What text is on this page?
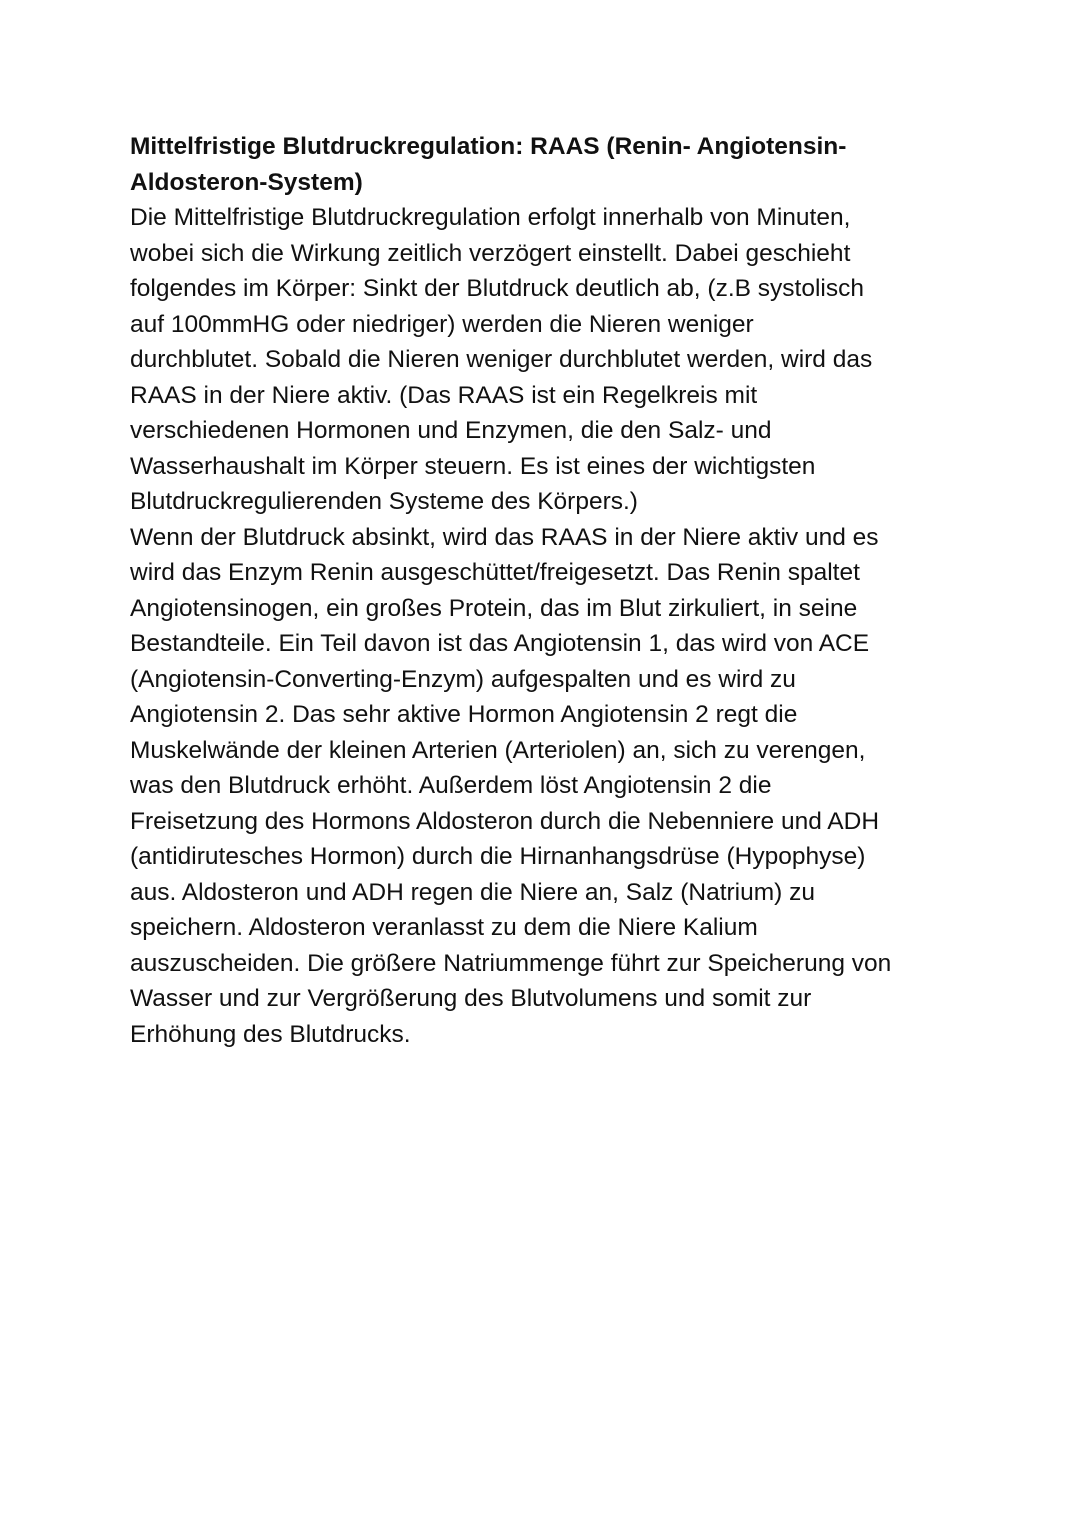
Mittelfristige Blutdruckregulation: RAAS (Renin- Angiotensin-
Aldosteron-System)
Die Mittelfristige Blutdruckregulation erfolgt innerhalb von Minuten,
wobei sich die Wirkung zeitlich verzögert einstellt. Dabei geschieht
folgendes im Körper: Sinkt der Blutdruck deutlich ab, (z.B systolisch
auf 100mmHG oder niedriger) werden die Nieren weniger
durchblutet. Sobald die Nieren weniger durchblutet werden, wird das
RAAS in der Niere aktiv. (Das RAAS ist ein Regelkreis mit
verschiedenen Hormonen und Enzymen, die den Salz- und
Wasserhaushalt im Körper steuern. Es ist eines der wichtigsten
Blutdruckregulierenden Systeme des Körpers.)
Wenn der Blutdruck absinkt, wird das RAAS in der Niere aktiv und es
wird das Enzym Renin ausgeschüttet/freigesetzt. Das Renin spaltet
Angiotensinogen, ein großes Protein, das im Blut zirkuliert, in seine
Bestandteile. Ein Teil davon ist das Angiotensin 1, das wird von ACE
(Angiotensin-Converting-Enzym) aufgespalten und es wird zu
Angiotensin 2. Das sehr aktive Hormon Angiotensin 2 regt die
Muskelwände der kleinen Arterien (Arteriolen) an, sich zu verengen,
was den Blutdruck erhöht. Außerdem löst Angiotensin 2 die
Freisetzung des Hormons Aldosteron durch die Nebenniere und ADH
(antidirutesches Hormon) durch die Hirnanhangsdrüse (Hypophyse)
aus. Aldosteron und ADH regen die Niere an, Salz (Natrium) zu
speichern. Aldosteron veranlasst zu dem die Niere Kalium
auszuscheiden. Die größere Natriummenge führt zur Speicherung von
Wasser und zur Vergrößerung des Blutvolumens und somit zur
Erhöhung des Blutdrucks.
